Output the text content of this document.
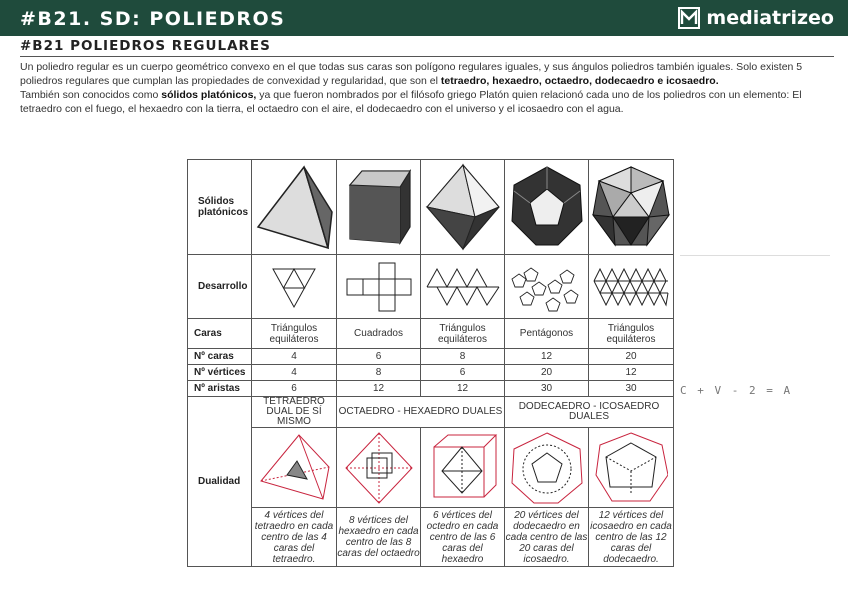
#B21. SD: POLIEDROS	mediatrizeo
#B21 POLIEDROS REGULARES

Un poliedro regular es un cuerpo geométrico convexo en el que todas sus caras son polígono regulares iguales, y sus ángulos poliedros también iguales. Solo existen 5 poliedros regulares que cumplan las propiedades de convexidad y regularidad, que son el tetraedro, hexaedro, octaedro, dodecaedro e icosaedro.

También son conocidos como sólidos platónicos, ya que fueron nombrados por el filósofo griego Platón quien relacionó cada uno de los poliedros con un elemento: El tetraedro con el fuego, el hexaedro con la tierra, el octaedro con el aire, el dodecaedro con el universo y el icosaedro con el agua.

Sólidos platónicos	

Desarrollo	

Caras	Triángulos equiláteros	Cuadrados	Triángulos equiláteros	Pentágonos	Triángulos equiláteros
Nº caras	4	6	8	12	20
Nº vértices	4	8	6	20	12
Nº aristas	6	12	12	30	30
Dualidad	TETRAEDRO DUAL DE SÍ MISMO	OCTAEDRO - HEXAEDRO DUALES		DODECAEDRO - ICOSAEDRO DUALES	

	4 vértices del tetraedro en cada centro de las 4 caras del tetraedro.	8 vértices del hexaedro en cada centro de las 8 caras del octaedro	6 vértices del octedro en cada centro de las 6 caras del hexaedro	20 vértices del dodecaedro en cada centro de las 20 caras del icosaedro.	12 vértices del icosaedro en cada centro de las 12 caras del dodecaedro.
C + V - 2 = A
